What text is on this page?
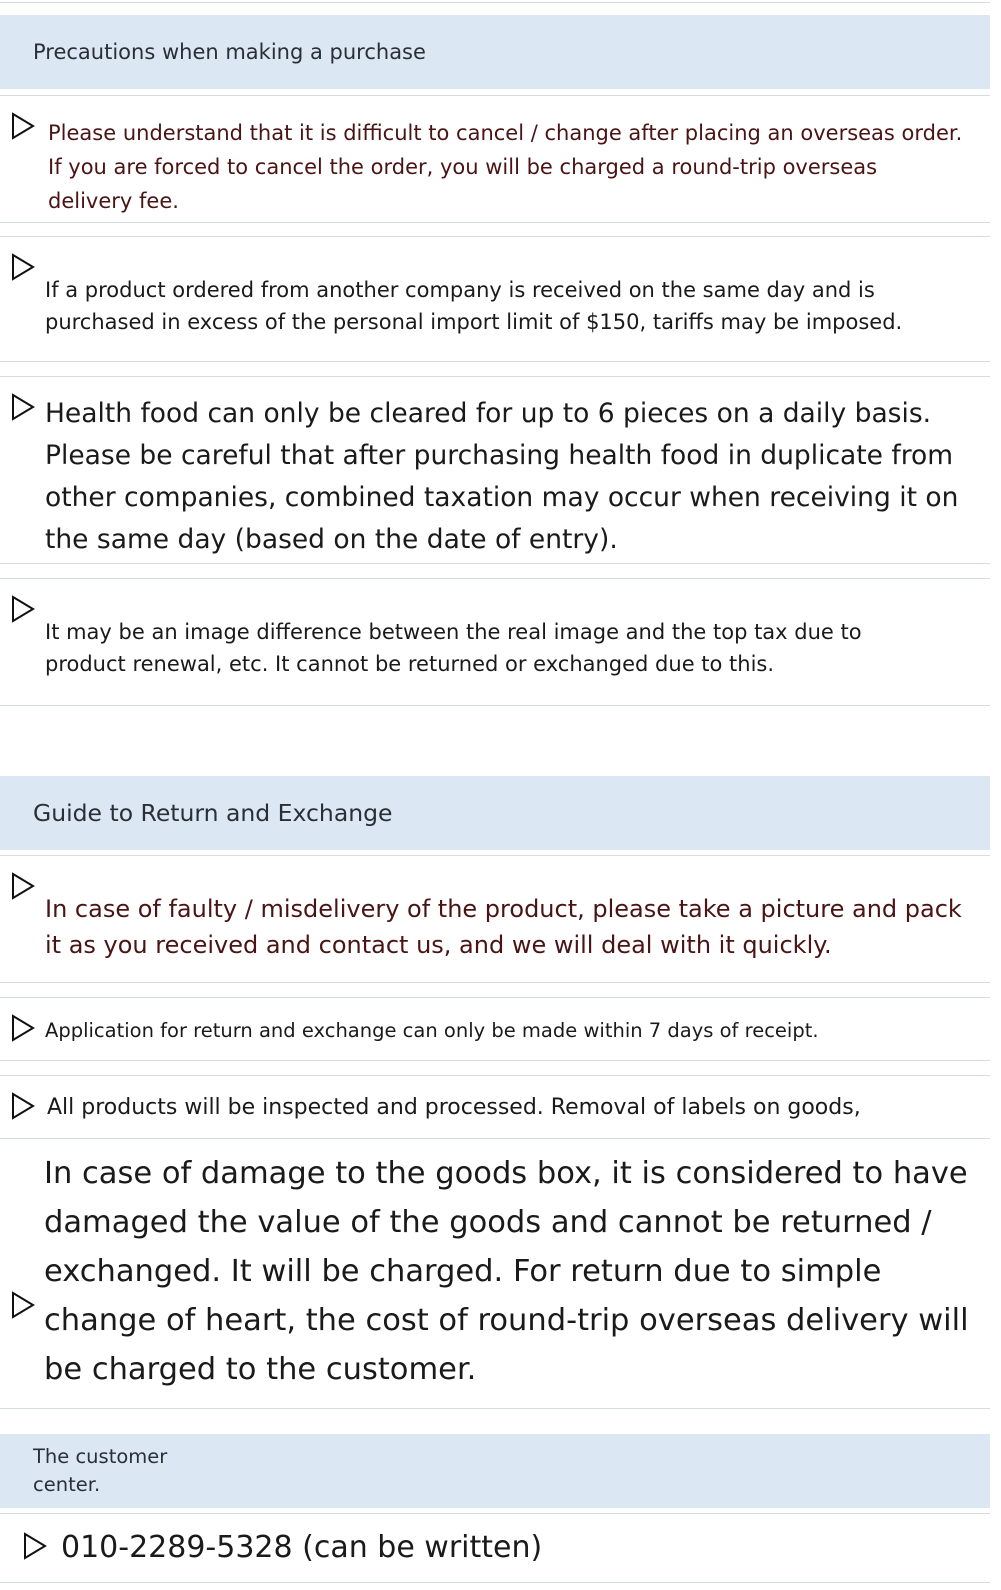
Precautions when making a purchase
Please understand that it is difficult to cancel / change after placing an overseas order. If you are forced to cancel the order, you will be charged a round-trip overseas delivery fee.
If a product ordered from another company is received on the same day and is purchased in excess of the personal import limit of $150, tariffs may be imposed.
Health food can only be cleared for up to 6 pieces on a daily basis. Please be careful that after purchasing health food in duplicate from other companies, combined taxation may occur when receiving it on the same day (based on the date of entry).
It may be an image difference between the real image and the top tax due to product renewal, etc. It cannot be returned or exchanged due to this.
Guide to Return and Exchange
In case of faulty / misdelivery of the product, please take a picture and pack it as you received and contact us, and we will deal with it quickly.
Application for return and exchange can only be made within 7 days of receipt.
All products will be inspected and processed. Removal of labels on goods,
In case of damage to the goods box, it is considered to have damaged the value of the goods and cannot be returned / exchanged. It will be charged. For return due to simple change of heart, the cost of round-trip overseas delivery will be charged to the customer.
The customer center.
010-2289-5328 (can be written)
